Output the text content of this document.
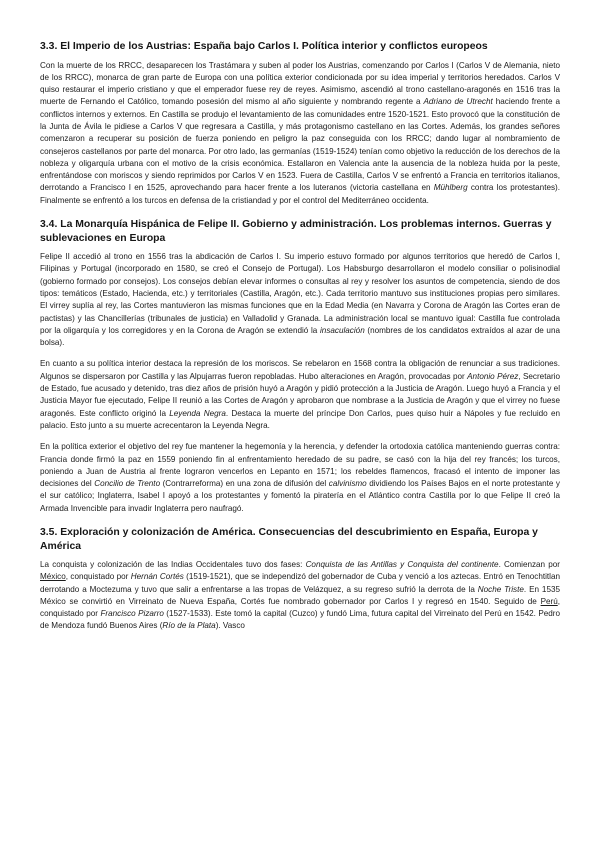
3.3. El Imperio de los Austrias: España bajo Carlos I. Política interior y conflictos europeos

Con la muerte de los RRCC, desaparecen los Trastámara y suben al poder los Austrias, comenzando por Carlos I (Carlos V de Alemania, nieto de los RRCC), monarca de gran parte de Europa con una política exterior condicionada por su idea imperial y territorios heredados. Carlos V quiso restaurar el imperio cristiano y que el emperador fuese rey de reyes. Asimismo, ascendió al trono castellano-aragonés en 1516 tras la muerte de Fernando el Católico, tomando posesión del mismo al año siguiente y nombrando regente a Adriano de Utrecht haciendo frente a conflictos internos y externos. En Castilla se produjo el levantamiento de las comunidades entre 1520-1521. Esto provocó que la constitución de la Junta de Ávila le pidiese a Carlos V que regresara a Castilla, y más protagonismo castellano en las Cortes. Además, los grandes señores comenzaron a recuperar su posición de fuerza poniendo en peligro la paz conseguida con los RRCC; dando lugar al nombramiento de consejeros castellanos por parte del monarca. Por otro lado, las germanías (1519-1524) tenían como objetivo la reducción de los derechos de la nobleza y oligarquía urbana con el motivo de la crisis económica. Estallaron en Valencia ante la ausencia de la nobleza huida por la peste, enfrentándose con moriscos y siendo reprimidos por Carlos V en 1523. Fuera de Castilla, Carlos V se enfrentó a Francia en territorios italianos, derrotando a Francisco I en 1525, aprovechando para hacer frente a los luteranos (victoria castellana en Mühlberg contra los protestantes). Finalmente se enfrentó a los turcos en defensa de la cristiandad y por el control del Mediterráneo occidenta.

3.4. La Monarquía Hispánica de Felipe II. Gobierno y administración. Los problemas internos. Guerras y sublevaciones en Europa

Felipe II accedió al trono en 1556 tras la abdicación de Carlos I. Su imperio estuvo formado por algunos territorios que heredó de Carlos I, Filipinas y Portugal (incorporado en 1580, se creó el Consejo de Portugal). Los Habsburgo desarrollaron el modelo consiliar o polisinodial (gobierno formado por consejos). Los consejos debían elevar informes o consultas al rey y resolver los asuntos de competencia, siendo de dos tipos: temáticos (Estado, Hacienda, etc.) y territoriales (Castilla, Aragón, etc.). Cada territorio mantuvo sus instituciones propias pero similares. El virrey suplía al rey, las Cortes mantuvieron las mismas funciones que en la Edad Media (en Navarra y Corona de Aragón las Cortes eran de pactistas) y las Chancillerías (tribunales de justicia) en Valladolid y Granada. La administración local se mantuvo igual: Castilla fue controlada por la oligarquía y los corregidores y en la Corona de Aragón se extendió la insaculación (nombres de los candidatos extraídos al azar de una bolsa).

En cuanto a su política interior destaca la represión de los moriscos. Se rebelaron en 1568 contra la obligación de renunciar a sus tradiciones. Algunos se dispersaron por Castilla y las Alpujarras fueron repobladas. Hubo alteraciones en Aragón, provocadas por Antonio Pérez, Secretario de Estado, fue acusado y detenido, tras diez años de prisión huyó a Aragón y pidió protección a la Justicia de Aragón. Luego huyó a Francia y el Justicia Mayor fue ejecutado, Felipe II reunió a las Cortes de Aragón y aprobaron que nombrase a la Justicia de Aragón y que el virrey no fuese aragonés. Este conflicto originó la Leyenda Negra. Destaca la muerte del príncipe Don Carlos, pues quiso huir a Nápoles y fue recluido en palacio. Esto junto a su muerte acrecentaron la Leyenda Negra.

En la política exterior el objetivo del rey fue mantener la hegemonía y la herencia, y defender la ortodoxia católica manteniendo guerras contra: Francia donde firmó la paz en 1559 poniendo fin al enfrentamiento heredado de su padre, se casó con la hija del rey francés; los turcos, poniendo a Juan de Austria al frente lograron vencerlos en Lepanto en 1571; los rebeldes flamencos, fracasó el intento de imponer las decisiones del Concilio de Trento (Contrarreforma) en una zona de difusión del calvinismo dividiendo los Países Bajos en el norte protestante y el sur católico; Inglaterra, Isabel I apoyó a los protestantes y fomentó la piratería en el Atlántico contra Castilla por lo que Felipe II creó la Armada Invencible para invadir Inglaterra pero naufragó.

3.5. Exploración y colonización de América. Consecuencias del descubrimiento en España, Europa y América

La conquista y colonización de las Indias Occidentales tuvo dos fases: Conquista de las Antillas y Conquista del continente. Comienzan por México, conquistado por Hernán Cortés (1519-1521), que se independizó del gobernador de Cuba y venció a los aztecas. Entró en Tenochtitlan derrotando a Moctezuma y tuvo que salir a enfrentarse a las tropas de Velázquez, a su regreso sufrió la derrota de la Noche Triste. En 1535 México se convirtió en Virreinato de Nueva España, Cortés fue nombrado gobernador por Carlos I y regresó en 1540. Seguido de Perú, conquistado por Francisco Pizarro (1527-1533). Este tomó la capital (Cuzco) y fundó Lima, futura capital del Virreinato del Perú en 1542. Pedro de Mendoza fundó Buenos Aires (Río de la Plata). Vasco
